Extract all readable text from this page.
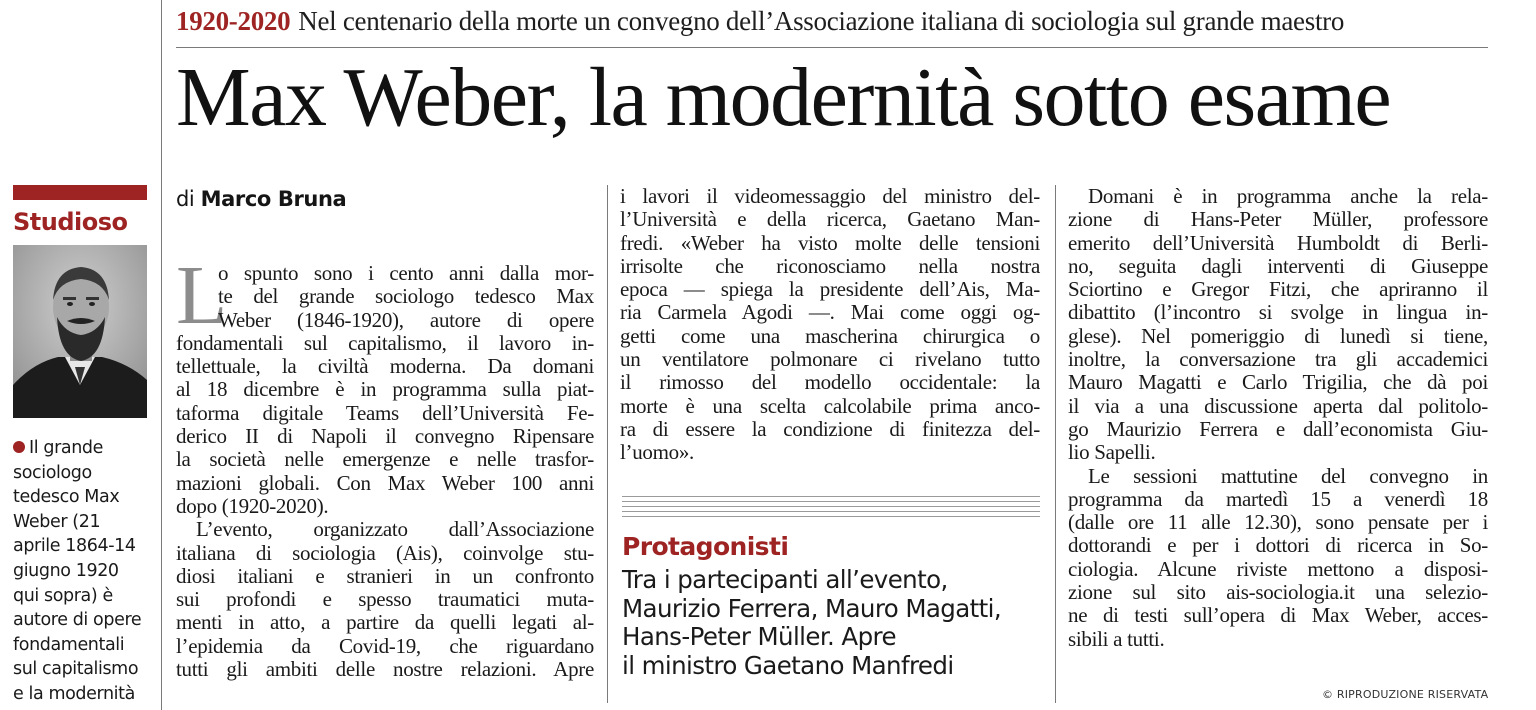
1920-2020 Nel centenario della morte un convegno dell’Associazione italiana di sociologia sul grande maestro
Max Weber, la modernità sotto esame
Studioso
Il grande
sociologo
tedesco Max
Weber (21
aprile 1864-14
giugno 1920
qui sopra) è
autore di opere
fondamentali
sul capitalismo
e la modernità
di Marco Bruna
L
o spunto sono i cento anni dalla mor-
te del grande sociologo tedesco Max
Weber (1846-1920), autore di opere
fondamentali sul capitalismo, il lavoro in-
tellettuale, la civiltà moderna. Da domani
al 18 dicembre è in programma sulla piat-
taforma digitale Teams dell’Università Fe-
derico II di Napoli il convegno Ripensare
la società nelle emergenze e nelle trasfor-
mazioni globali. Con Max Weber 100 anni
dopo (1920-2020).
L’evento, organizzato dall’Associazione
italiana di sociologia (Ais), coinvolge stu-
diosi italiani e stranieri in un confronto
sui profondi e spesso traumatici muta-
menti in atto, a partire da quelli legati al-
l’epidemia da Covid-19, che riguardano
tutti gli ambiti delle nostre relazioni. Apre
i lavori il videomessaggio del ministro del-
l’Università e della ricerca, Gaetano Man-
fredi. «Weber ha visto molte delle tensioni
irrisolte che riconosciamo nella nostra
epoca — spiega la presidente dell’Ais, Ma-
ria Carmela Agodi —. Mai come oggi og-
getti come una mascherina chirurgica o
un ventilatore polmonare ci rivelano tutto
il rimosso del modello occidentale: la
morte è una scelta calcolabile prima anco-
ra di essere la condizione di finitezza del-
l’uomo».
Domani è in programma anche la rela-
zione di Hans-Peter Müller, professore
emerito dell’Università Humboldt di Berli-
no, seguita dagli interventi di Giuseppe
Sciortino e Gregor Fitzi, che apriranno il
dibattito (l’incontro si svolge in lingua in-
glese). Nel pomeriggio di lunedì si tiene,
inoltre, la conversazione tra gli accademici
Mauro Magatti e Carlo Trigilia, che dà poi
il via a una discussione aperta dal politolo-
go Maurizio Ferrera e dall’economista Giu-
lio Sapelli.
Le sessioni mattutine del convegno in
programma da martedì 15 a venerdì 18
(dalle ore 11 alle 12.30), sono pensate per i
dottorandi e per i dottori di ricerca in So-
ciologia. Alcune riviste mettono a disposi-
zione sul sito ais-sociologia.it una selezio-
ne di testi sull’opera di Max Weber, acces-
sibili a tutti.
Protagonisti
Tra i partecipanti all’evento,
Maurizio Ferrera, Mauro Magatti,
Hans-Peter Müller. Apre
il ministro Gaetano Manfredi
© RIPRODUZIONE RISERVATA
